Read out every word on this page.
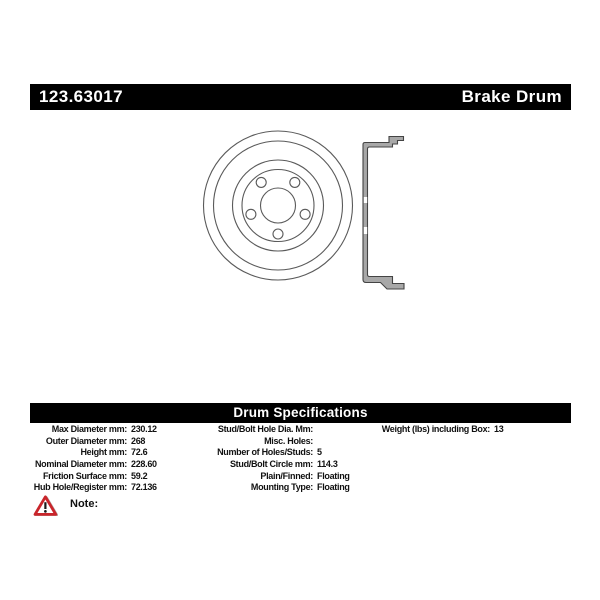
123.63017	Brake Drum
Drum Specifications
Max Diameter mm: 230.12
Outer Diameter mm: 268
Height mm: 72.6
Nominal Diameter mm: 228.60
Friction Surface mm: 59.2
Hub Hole/Register mm: 72.136
Stud/Bolt Hole Dia. Mm:
Misc. Holes:
Number of Holes/Studs: 5
Stud/Bolt Circle mm: 114.3
Plain/Finned: Floating
Mounting Type: Floating
Weight (lbs) including Box: 13
Note:
